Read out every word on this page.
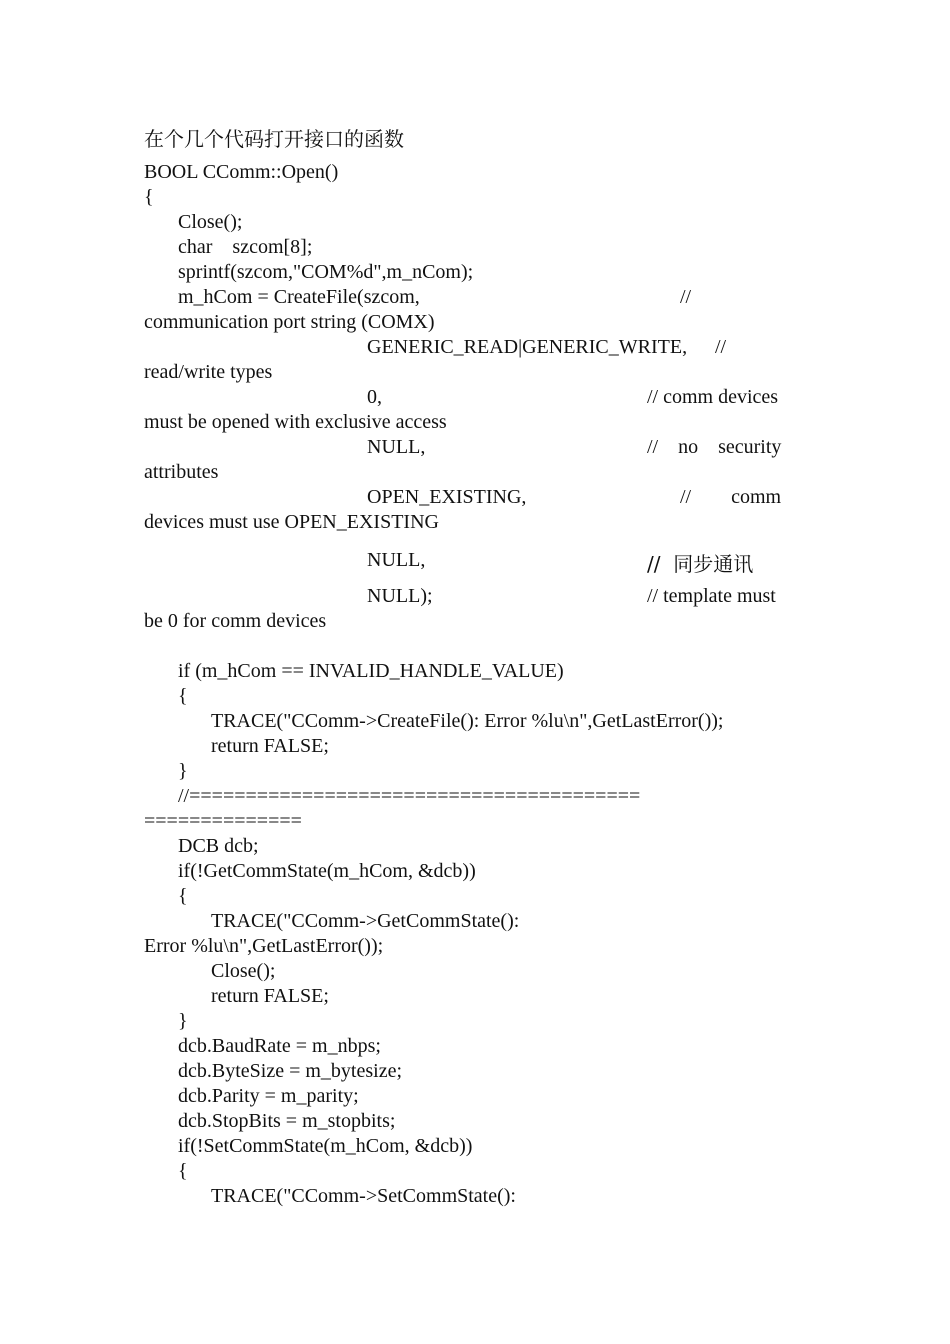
在个几个代码打开接口的函数
BOOL CComm::Open()
{
Close();
char    szcom[8];
sprintf(szcom,"COM%d",m_nCom);
m_hCom = CreateFile(szcom,	//
communication port string (COMX)
GENERIC_READ|GENERIC_WRITE, //
read/write types
0,	// comm devices
must be opened with exclusive access
NULL,	//    no    security
attributes
OPEN_EXISTING,	//        comm
devices must use OPEN_EXISTING
NULL,	//  同步通讯
NULL);	// template must
be 0 for comm devices
if (m_hCom == INVALID_HANDLE_VALUE)
{
TRACE("CComm->CreateFile(): Error %lu\n",GetLastError());
return FALSE;
}
//========================================
==============
DCB dcb;
if(!GetCommState(m_hCom, &dcb))
{
TRACE("CComm->GetCommState():
Error %lu\n",GetLastError());
Close();
return FALSE;
}
dcb.BaudRate = m_nbps;
dcb.ByteSize = m_bytesize;
dcb.Parity = m_parity;
dcb.StopBits = m_stopbits;
if(!SetCommState(m_hCom, &dcb))
{
TRACE("CComm->SetCommState():
